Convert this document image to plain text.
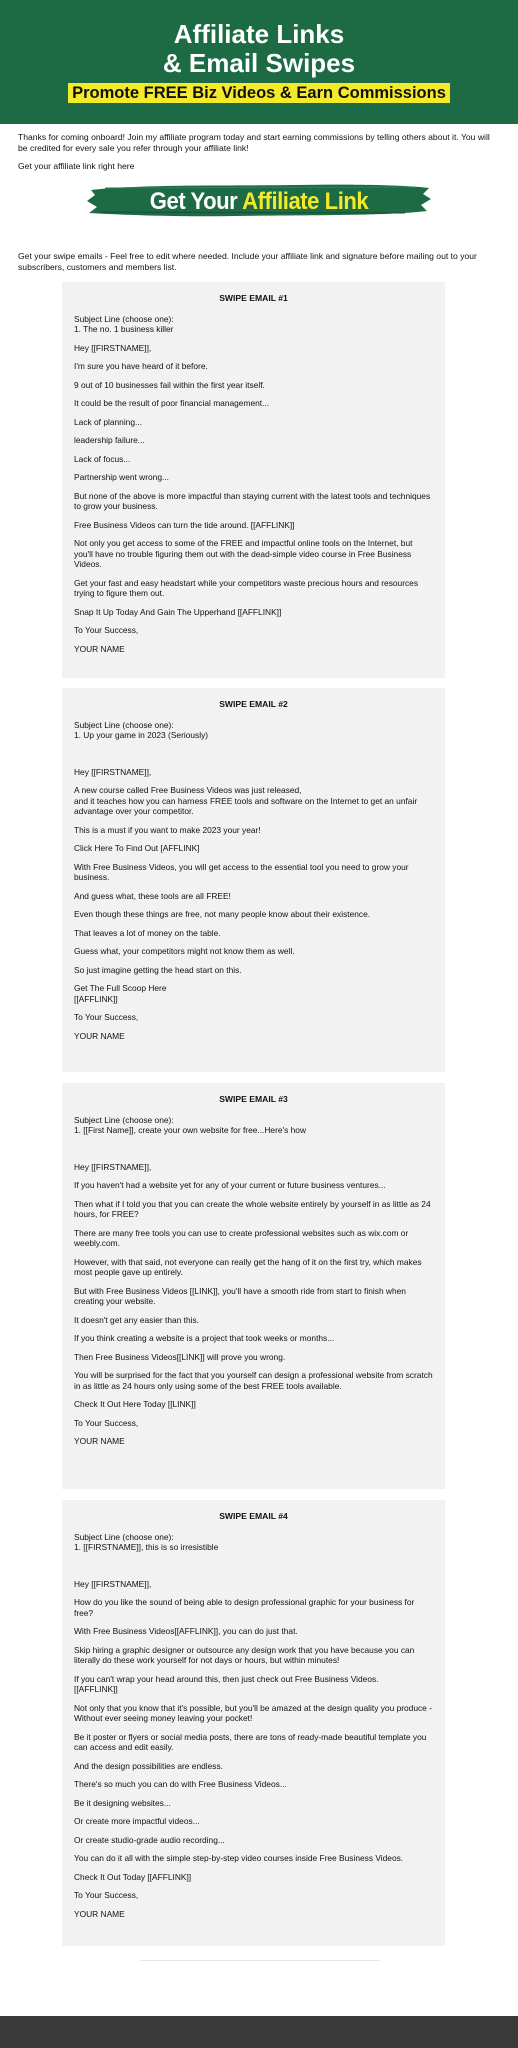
Affiliate Links
& Email Swipes
Promote FREE Biz Videos & Earn Commissions

Thanks for coming onboard! Join my affiliate program today and start earning commissions by telling others about it. You will be credited for every sale you refer through your affiliate link!

Get your affiliate link right here

Get Your Affiliate Link

Get your swipe emails - Feel free to edit where needed. Include your affiliate link and signature before mailing out to your subscribers, customers and members list.

SWIPE EMAIL #1
Subject Line (choose one):
1. The no. 1 business killer
Hey [[FIRSTNAME]],
I'm sure you have heard of it before.
9 out of 10 businesses fail within the first year itself.
It could be the result of poor financial management...
Lack of planning...
leadership failure...
Lack of focus...
Partnership went wrong...
But none of the above is more impactful than staying current with the latest tools and techniques to grow your business.
Free Business Videos can turn the tide around. [[AFFLINK]]
Not only you get access to some of the FREE and impactful online tools on the Internet, but you'll have no trouble figuring them out with the dead-simple video course in Free Business Videos.
Get your fast and easy headstart while your competitors waste precious hours and resources trying to figure them out.
Snap It Up Today And Gain The Upperhand [[AFFLINK]]
To Your Success,
YOUR NAME
SWIPE EMAIL #2
Subject Line (choose one):
1. Up your game in 2023 (Seriously)
Hey [[FIRSTNAME]],
A new course called Free Business Videos was just released,
and it teaches how you can harness FREE tools and software on the Internet to get an unfair advantage over your competitor.
This is a must if you want to make 2023 your year!
Click Here To Find Out [AFFLINK]
With Free Business Videos, you will get access to the essential tool you need to grow your business.
And guess what, these tools are all FREE!
Even though these things are free, not many people know about their existence.
That leaves a lot of money on the table.
Guess what, your competitors might not know them as well.
So just imagine getting the head start on this.
Get The Full Scoop Here
[[AFFLINK]]
To Your Success,
YOUR NAME
SWIPE EMAIL #3
Subject Line (choose one):
1. [[First Name]], create your own website for free...Here's how
Hey [[FIRSTNAME]],
If you haven't had a website yet for any of your current or future business ventures...
Then what if I told you that you can create the whole website entirely by yourself in as little as 24 hours, for FREE?
There are many free tools you can use to create professional websites such as wix.com or weebly.com.
However, with that said, not everyone can really get the hang of it on the first try, which makes most people gave up entirely.
But with Free Business Videos [[LINK]], you'll have a smooth ride from start to finish when creating your website.
It doesn't get any easier than this.
If you think creating a website is a project that took weeks or months...
Then Free Business Videos[[LINK]] will prove you wrong.
You will be surprised for the fact that you yourself can design a professional website from scratch in as little as 24 hours only using some of the best FREE tools available.
Check It Out Here Today [[LINK]]
To Your Success,
YOUR NAME
SWIPE EMAIL #4
Subject Line (choose one):
1. [[FIRSTNAME]], this is so irresistible
Hey [[FIRSTNAME]],
How do you like the sound of being able to design professional graphic for your business for free?
With Free Business Videos[[AFFLINK]], you can do just that.
Skip hiring a graphic designer or outsource any design work that you have because you can literally do these work yourself for not days or hours, but within minutes!
If you can't wrap your head around this, then just check out Free Business Videos.
[[AFFLINK]]
Not only that you know that it's possible, but you'll be amazed at the design quality you produce - Without ever seeing money leaving your pocket!
Be it poster or flyers or social media posts, there are tons of ready-made beautiful template you can access and edit easily.
And the design possibilities are endless.
There's so much you can do with Free Business Videos...
Be it designing websites...
Or create more impactful videos...
Or create studio-grade audio recording...
You can do it all with the simple step-by-step video courses inside Free Business Videos.
Check It Out Today [[AFFLINK]]
To Your Success,
YOUR NAME
